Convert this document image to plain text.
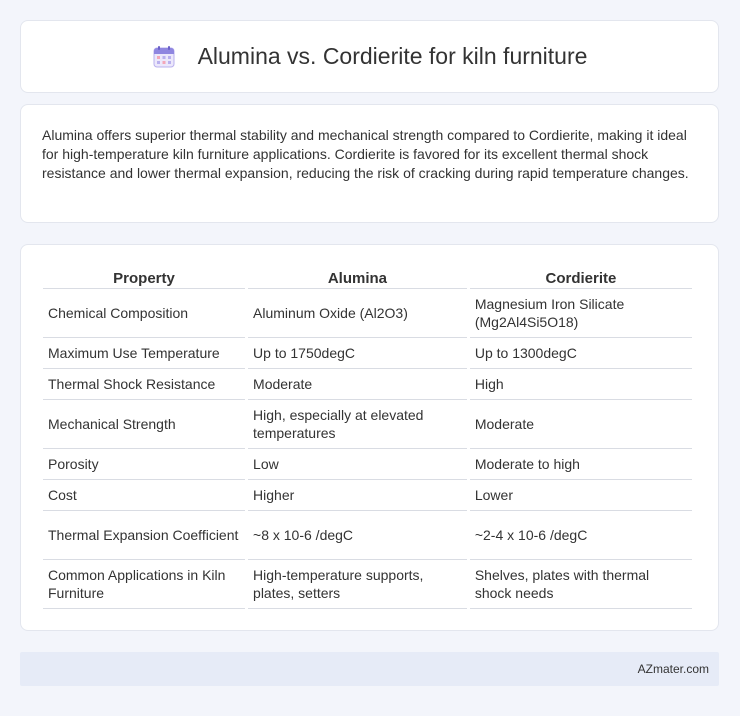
Alumina vs. Cordierite for kiln furniture

Alumina offers superior thermal stability and mechanical strength compared to Cordierite, making it ideal for high-temperature kiln furniture applications. Cordierite is favored for its excellent thermal shock resistance and lower thermal expansion, reducing the risk of cracking during rapid temperature changes.

Property	Alumina	Cordierite
Chemical Composition	Aluminum Oxide (Al2O3)	Magnesium Iron Silicate (Mg2Al4Si5O18)
Maximum Use Temperature	Up to 1750degC	Up to 1300degC
Thermal Shock Resistance	Moderate	High
Mechanical Strength	High, especially at elevated temperatures	Moderate
Porosity	Low	Moderate to high
Cost	Higher	Lower
Thermal Expansion Coefficient	~8 x 10-6 /degC	~2-4 x 10-6 /degC
Common Applications in Kiln Furniture	High-temperature supports, plates, setters	Shelves, plates with thermal shock needs
AZmater.com
